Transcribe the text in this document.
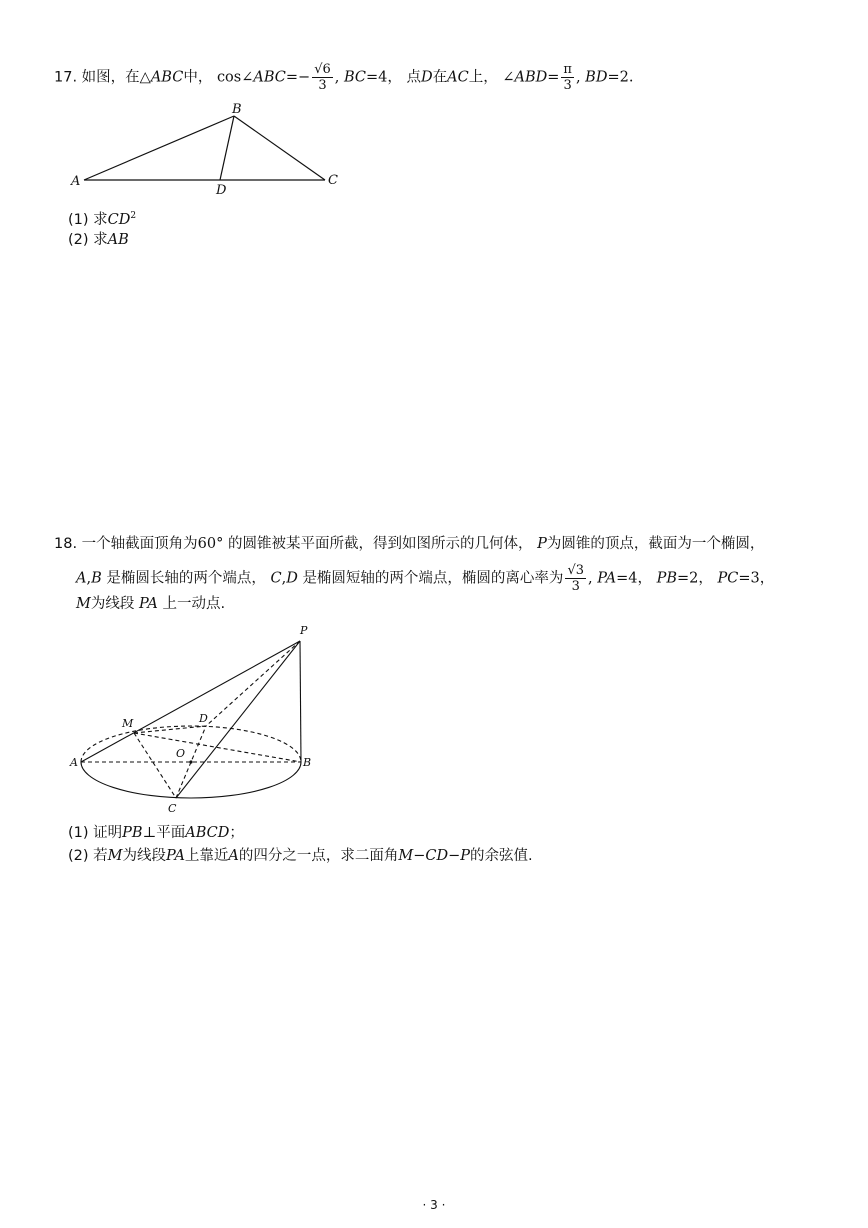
17. 如图，在△ABC中， cos∠ABC=− $\frac{√6}{3}$ , BC=4， 点D在AC上， ∠ABD= $\frac{\pi}{3}$ , BD=2.
A
B
C
D
(1) 求$CD^2$
(2) 求AB
18. 一个轴截面顶角为60° 的圆锥被某平面所截，得到如图所示的几何体， P为圆锥的顶点，截面为一个椭圆，
A,B 是椭圆长轴的两个端点， C,D 是椭圆短轴的两个端点，椭圆的离心率为 $\frac{√3}{3}$ , PA=4， PB=2， PC=3，
M为线段 PA 上一动点.
P
M	D
O
A	B
C
(1) 证明PB⊥平面ABCD；
(2) 若M为线段PA上靠近A的四分之一点，求二面角M−CD−P的余弦值.
· 3 ·
